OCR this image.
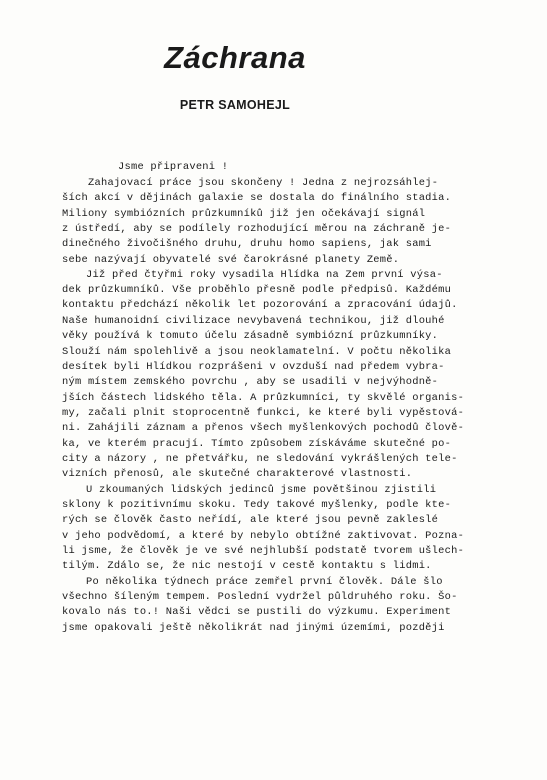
Záchrana
PETR SAMOHEJL
Jsme připraveni !
Zahajovací práce jsou skončeny ! Jedna z nejrozsáhlej-
ších akcí v dějinách galaxie se dostala do finálního stadia.
Miliony symbiózních průzkumníků již jen očekávají signál
z ústředí, aby se podílely rozhodující měrou na záchraně je-
dinečného živočišného druhu, druhu homo sapiens, jak sami
sebe nazývají obyvatelé své čarokrásné planety Země.
Již před čtyřmi roky vysadila Hlídka na Zem první výsa-
dek průzkumníků. Vše proběhlo přesně podle předpisů. Každému
kontaktu předchází několik let pozorování a zpracování údajů.
Naše humanoidní civilizace nevybavená technikou, již dlouhé
věky používá k tomuto účelu zásadně symbiózní průzkumníky.
Slouží nám spolehlivě a jsou neoklamatelní. V počtu několika
desítek byli Hlídkou rozprášeni v ovzduší nad předem vybra-
ným místem zemského povrchu , aby se usadili v nejvýhodně-
jších částech lidského těla. A průzkumníci, ty skvělé organis-
my, začali plnit stoprocentně funkci, ke které byli vypěstová-
ni. Zahájili záznam a přenos všech myšlenkových pochodů člově-
ka, ve kterém pracují. Tímto způsobem získáváme skutečné po-
city a názory , ne přetvářku, ne sledování vykrášlených tele-
vizních přenosů, ale skutečné charakterové vlastnosti.
U zkoumaných lidských jedinců jsme povětšinou zjistili
sklony k pozitivnímu skoku. Tedy takové myšlenky, podle kte-
rých se člověk často neřídí, ale které jsou pevně zakleslé
v jeho podvědomí, a které by nebylo obtížné zaktivovat. Pozna-
li jsme, že člověk je ve své nejhlubší podstatě tvorem ušlech-
tilým. Zdálo se, že nic nestojí v cestě kontaktu s lidmi.
Po několika týdnech práce zemřel první člověk. Dále šlo
všechno šíleným tempem. Poslední vydržel půldruhého roku. Šo-
kovalo nás to.! Naši vědci se pustili do výzkumu. Experiment
jsme opakovali ještě několikrát nad jinými územími, později
